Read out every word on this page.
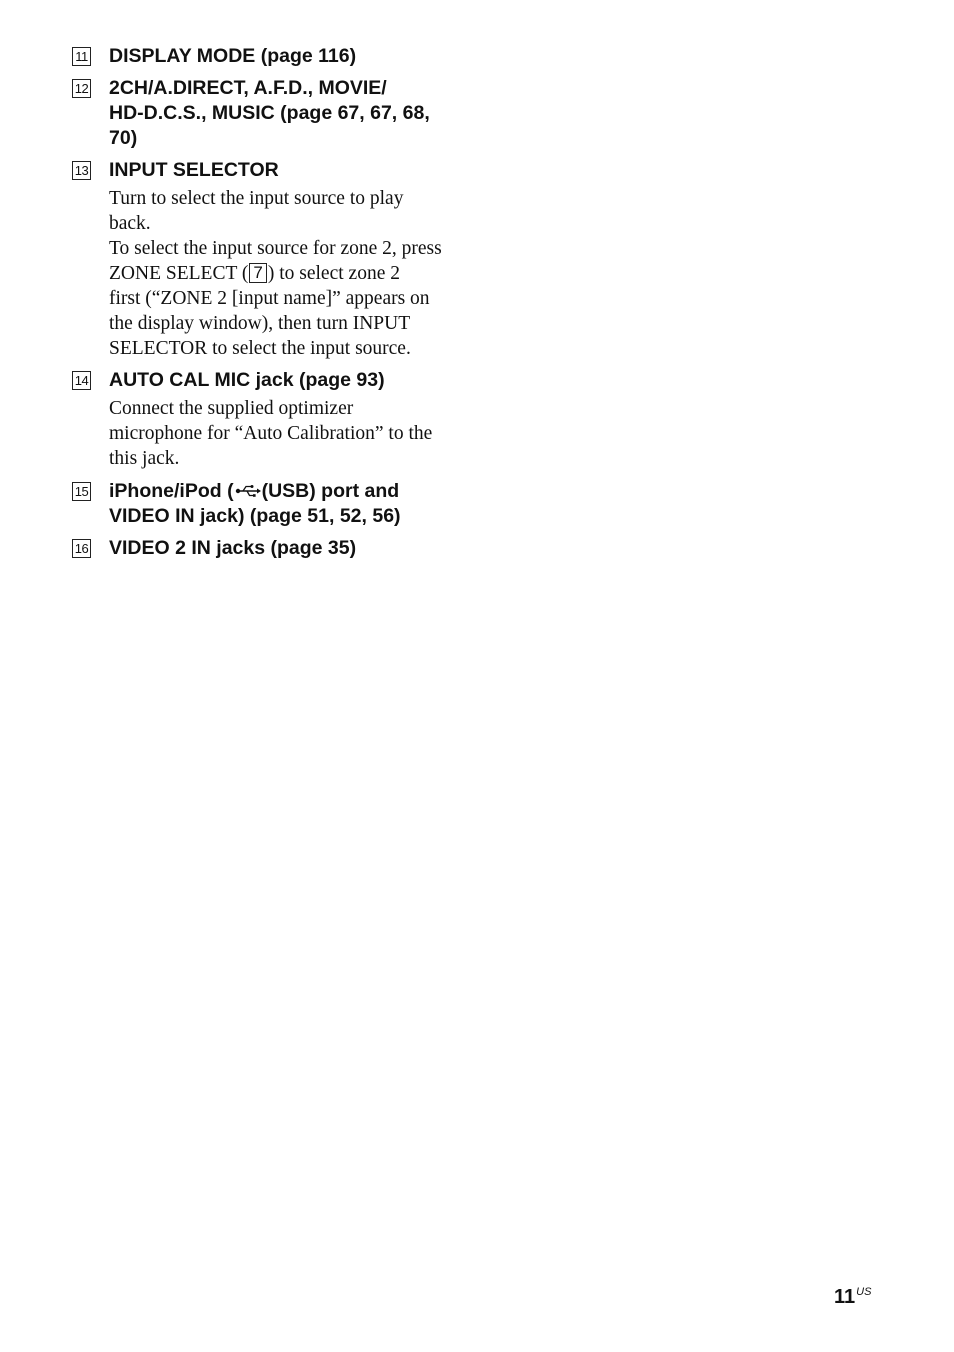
11 DISPLAY MODE (page 116)
12 2CH/A.DIRECT, A.F.D., MOVIE/
HD-D.C.S., MUSIC (page 67, 67, 68,
70)
13 INPUT SELECTOR
Turn to select the input source to play
back.
To select the input source for zone 2, press
ZONE SELECT ( 7 ) to select zone 2
first (“ZONE 2 [input name]” appears on
the display window), then turn INPUT
SELECTOR to select the input source.
14 AUTO CAL MIC jack (page 93)
Connect the supplied optimizer
microphone for “Auto Calibration” to the
this jack.
15 iPhone/iPod ( (USB) port and
VIDEO IN jack) (page 51, 52, 56)
16 VIDEO 2 IN jacks (page 35)
$11^{US}$
